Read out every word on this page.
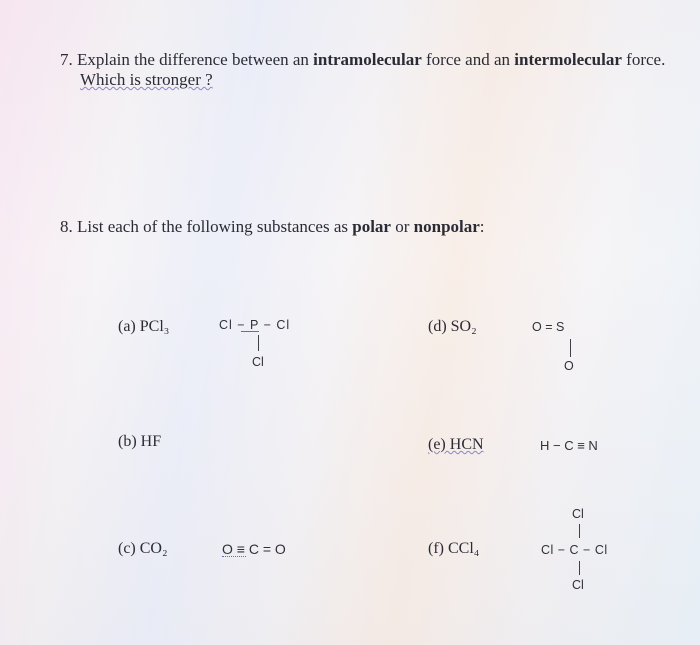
7. Explain the difference between an intramolecular force and an intermolecular force.
Which is stronger ?
8. List each of the following substances as polar or nonpolar:
(a) PCl₃	Cl − P − Cl
Cl
(d) SO₂	O = S
O
(b) HF	(e) HCN	H − C ≡ N
(c) CO₂	O ≡ C = O	(f) CCl₄
Cl
Cl − C − Cl
Cl
